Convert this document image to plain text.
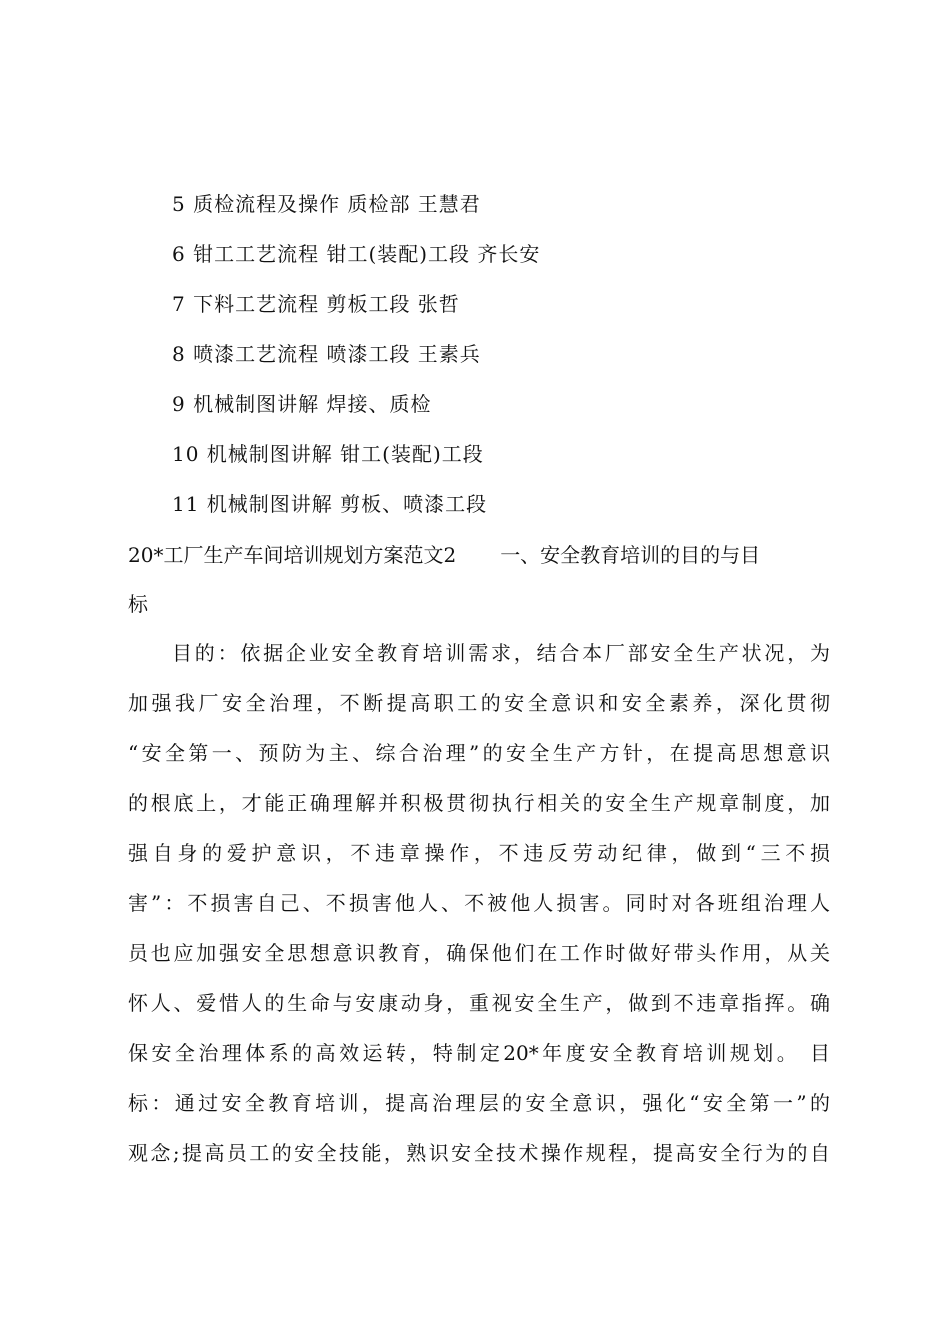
5 质检流程及操作 质检部 王慧君
6 钳工工艺流程 钳工(装配)工段 齐长安
7 下料工艺流程 剪板工段 张哲
8 喷漆工艺流程 喷漆工段 王素兵
9 机械制图讲解 焊接、质检
10 机械制图讲解 钳工(装配)工段
11 机械制图讲解 剪板、喷漆工段
20*工厂生产车间培训规划方案范文2 一、安全教育培训的目的与目
标
目的：依据企业安全教育培训需求，结合本厂部安全生产状况，为
加强我厂安全治理，不断提高职工的安全意识和安全素养，深化贯彻
“安全第一、预防为主、综合治理”的安全生产方针，在提高思想意识
的根底上，才能正确理解并积极贯彻执行相关的安全生产规章制度，加
强自身的爱护意识，不违章操作，不违反劳动纪律，做到“三不损
害”：不损害自己、不损害他人、不被他人损害。同时对各班组治理人
员也应加强安全思想意识教育，确保他们在工作时做好带头作用，从关
怀人、爱惜人的生命与安康动身，重视安全生产，做到不违章指挥。确
保安全治理体系的高效运转，特制定20*年度安全教育培训规划。 目
标：通过安全教育培训，提高治理层的安全意识，强化“安全第一”的
观念;提高员工的安全技能，熟识安全技术操作规程，提高安全行为的自
